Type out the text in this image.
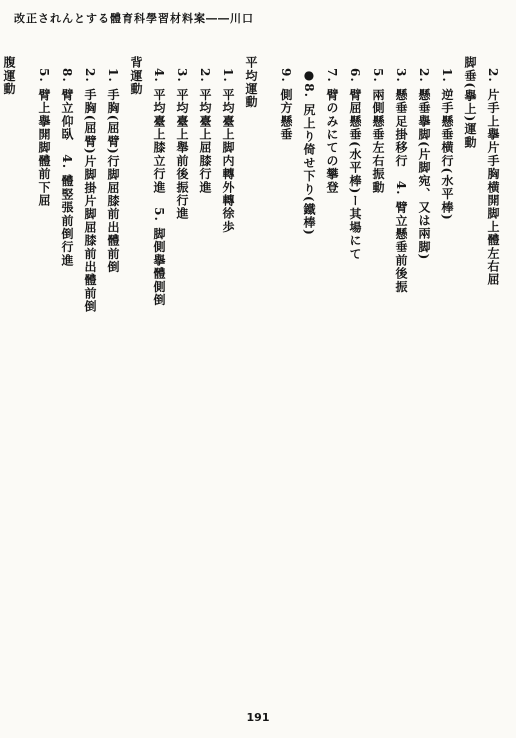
改正されんとする體育科學習材料案――川口
2. 片手上擧片手胸横開脚上體左右屈
脚垂(擧上)運動
1. 逆手懸垂横行(水平棒)
2. 懸垂擧脚(片脚宛、又は兩脚)
3. 懸垂足掛移行　4. 臂立懸垂前後振
5. 兩側懸垂左右振動
6. 臂屈懸垂(水平棒)ー其場にて
7. 臂のみにての攀登
●8. 尻上り倚せ下り(鐵棒)
9. 側方懸垂
平均運動
1. 平均臺上脚内轉外轉徐歩
2. 平均臺上屈膝行進
3. 平均臺上舉前後振行進
4. 平均臺上膝立行進　5. 脚側擧體側倒
背運動
1. 手胸(屈臂)行脚屈膝前出體前倒
2. 手胸(屈臂)片脚掛片脚屈膝前出體前倒
8. 臂立仰臥　4. 體竪張前倒行進
5. 臂上擧開脚體前下屈
腹運動
191
